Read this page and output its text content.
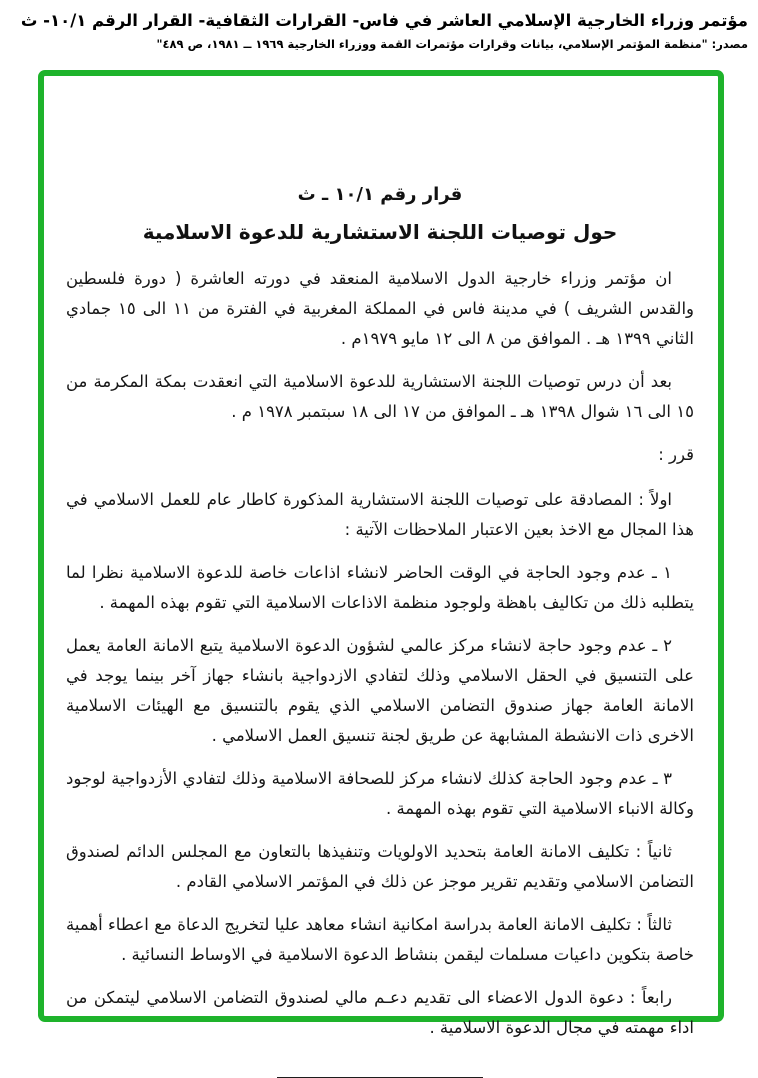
مؤتمر وزراء الخارجية الإسلامي العاشر في فاس- القرارات الثقافية- القرار الرقم ١٠/١- ث
مصدر: "منظمة المؤتمر الإسلامي، بيانات وقرارات مؤتمرات القمة ووزراء الخارجية ١٩٦٩ ــ ١٩٨١، ص ٤٨٩"
قرار رقم ١٠/١ ـ ث
حول توصيات اللجنة الاستشارية للدعوة الاسلامية

ان مؤتمر وزراء خارجية الدول الاسلامية المنعقد في دورته العاشرة ( دورة فلسطين والقدس الشريف ) في مدينة فاس في المملكة المغربية في الفترة من ١١ الى ١٥ جمادي الثاني ١٣٩٩ هـ . الموافق من ٨ الى ١٢ مايو ١٩٧٩م .

بعد أن درس توصيات اللجنة الاستشارية للدعوة الاسلامية التي انعقدت بمكة المكرمة من ١٥ الى ١٦ شوال ١٣٩٨ هـ ـ الموافق من ١٧ الى ١٨ سبتمبر ١٩٧٨ م .

قرر :

اولاً : المصادقة على توصيات اللجنة الاستشارية المذكورة كاطار عام للعمل الاسلامي في هذا المجال مع الاخذ بعين الاعتبار الملاحظات الآتية :

١ ـ عدم وجود الحاجة في الوقت الحاضر لانشاء اذاعات خاصة للدعوة الاسلامية نظرا لما يتطلبه ذلك من تكاليف باهظة ولوجود منظمة الاذاعات الاسلامية التي تقوم بهذه المهمة .

٢ ـ عدم وجود حاجة لانشاء مركز عالمي لشؤون الدعوة الاسلامية يتبع الامانة العامة يعمل على التنسيق في الحقل الاسلامي وذلك لتفادي الازدواجية بانشاء جهاز آخر بينما يوجد في الامانة العامة جهاز صندوق التضامن الاسلامي الذي يقوم بالتنسيق مع الهيئات الاسلامية الاخرى ذات الانشطة المشابهة عن طريق لجنة تنسيق العمل الاسلامي .

٣ ـ عدم وجود الحاجة كذلك لانشاء مركز للصحافة الاسلامية وذلك لتفادي الأزدواجية لوجود وكالة الانباء الاسلامية التي تقوم بهذه المهمة .

ثانياً : تكليف الامانة العامة بتحديد الاولويات وتنفيذها بالتعاون مع المجلس الدائم لصندوق التضامن الاسلامي وتقديم تقرير موجز عن ذلك في المؤتمر الاسلامي القادم .

ثالثاً : تكليف الامانة العامة بدراسة امكانية انشاء معاهد عليا لتخريج الدعاة مع اعطاء أهمية خاصة بتكوين داعيات مسلمات ليقمن بنشاط الدعوة الاسلامية في الاوساط النسائية .

رابعاً : دعوة الدول الاعضاء الى تقديم دعـم مالي لصندوق التضامن الاسلامي ليتمكن من اداء مهمته في مجال الدعوة الاسلامية .
